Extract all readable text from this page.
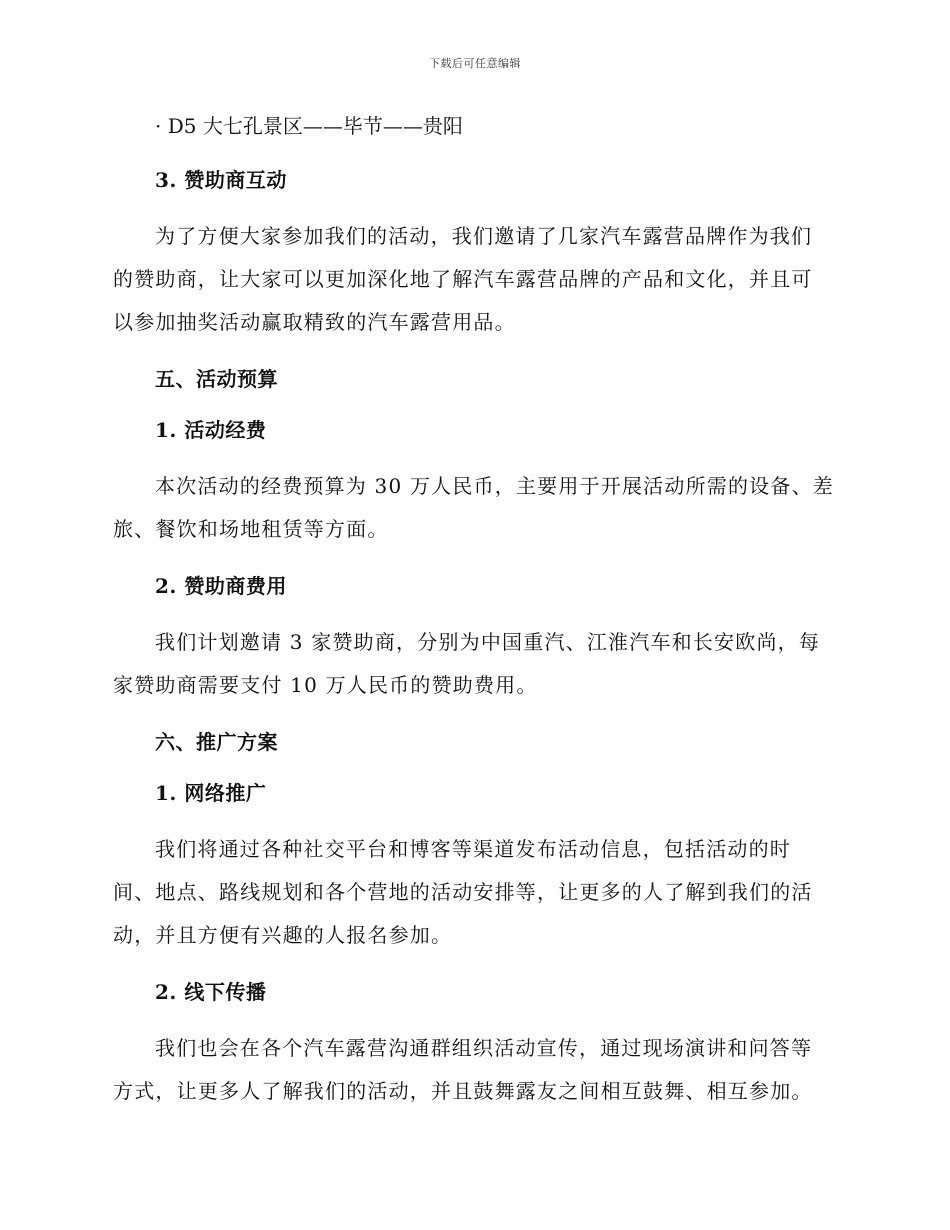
下载后可任意编辑
· D5 大七孔景区——毕节——贵阳
3. 赞助商互动
为了方便大家参加我们的活动，我们邀请了几家汽车露营品牌作为我们
的赞助商，让大家可以更加深化地了解汽车露营品牌的产品和文化，并且可
以参加抽奖活动赢取精致的汽车露营用品。
五、活动预算
1. 活动经费
本次活动的经费预算为 30 万人民币，主要用于开展活动所需的设备、差
旅、餐饮和场地租赁等方面。
2. 赞助商费用
我们计划邀请 3 家赞助商，分别为中国重汽、江淮汽车和长安欧尚，每
家赞助商需要支付 10 万人民币的赞助费用。
六、推广方案
1. 网络推广
我们将通过各种社交平台和博客等渠道发布活动信息，包括活动的时
间、地点、路线规划和各个营地的活动安排等，让更多的人了解到我们的活
动，并且方便有兴趣的人报名参加。
2. 线下传播
我们也会在各个汽车露营沟通群组织活动宣传，通过现场演讲和问答等
方式，让更多人了解我们的活动，并且鼓舞露友之间相互鼓舞、相互参加。
